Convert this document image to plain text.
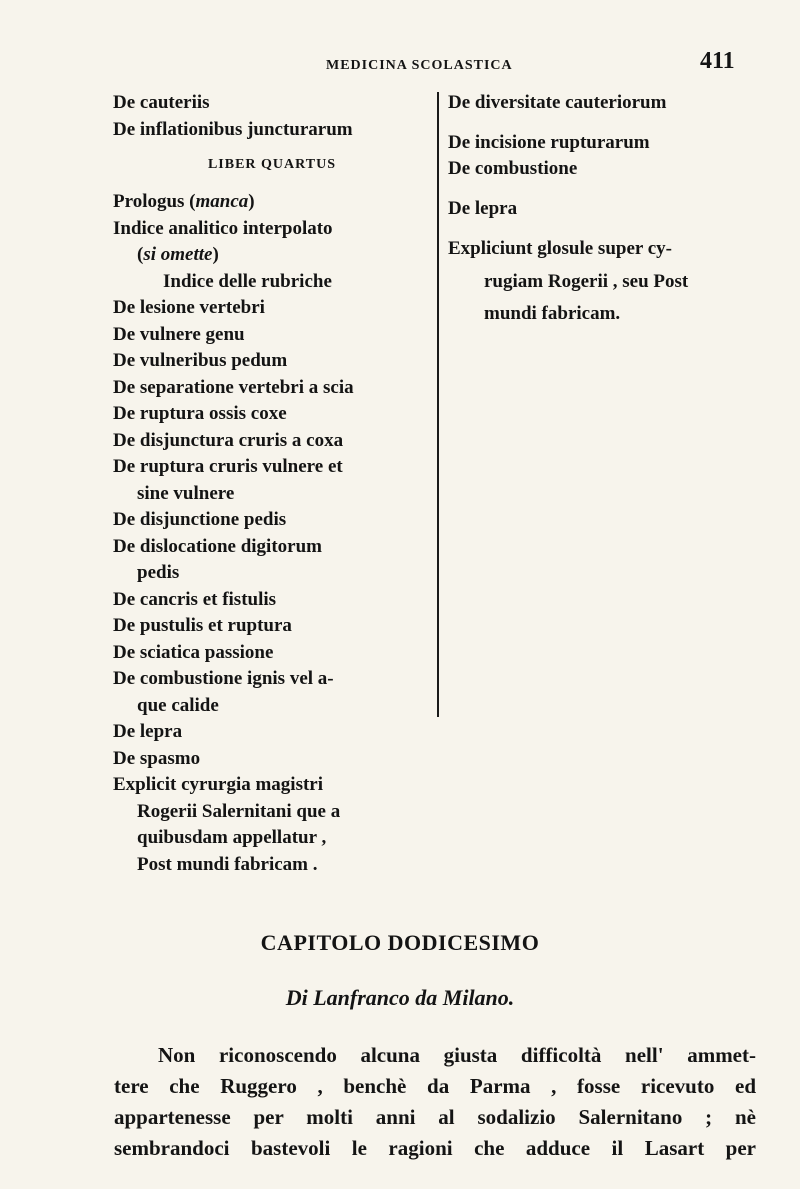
MEDICINA SCOLASTICA	411
De cauteriis
De inflationibus juncturarum
LIBER QUARTUS
Prologus (manca)
Indice analitico interpolato
(si omette)
Indice delle rubriche
De lesione vertebri
De vulnere genu
De vulneribus pedum
De separatione vertebri a scia
De ruptura ossis coxe
De disjunctura cruris a coxa
De ruptura cruris vulnere et
sine vulnere
De disjunctione pedis
De dislocatione digitorum
pedis
De cancris et fistulis
De pustulis et ruptura
De sciatica passione
De combustione ignis vel a-
que calide
De lepra
De spasmo
Explicit cyrurgia magistri
Rogerii Salernitani que a
quibusdam appellatur ,
Post mundi fabricam .
De diversitate cauteriorum
De incisione rupturarum
De combustione
De lepra
Expliciunt glosule super cy-
rugiam Rogerii , seu Post
mundi fabricam.
CAPITOLO DODICESIMO
Di Lanfranco da Milano.
Non riconoscendo alcuna giusta difficoltà nell' ammet-
tere che Ruggero , benchè da Parma , fosse ricevuto ed
appartenesse per molti anni al sodalizio Salernitano ; nè
sembrandoci bastevoli le ragioni che adduce il Lasart per
